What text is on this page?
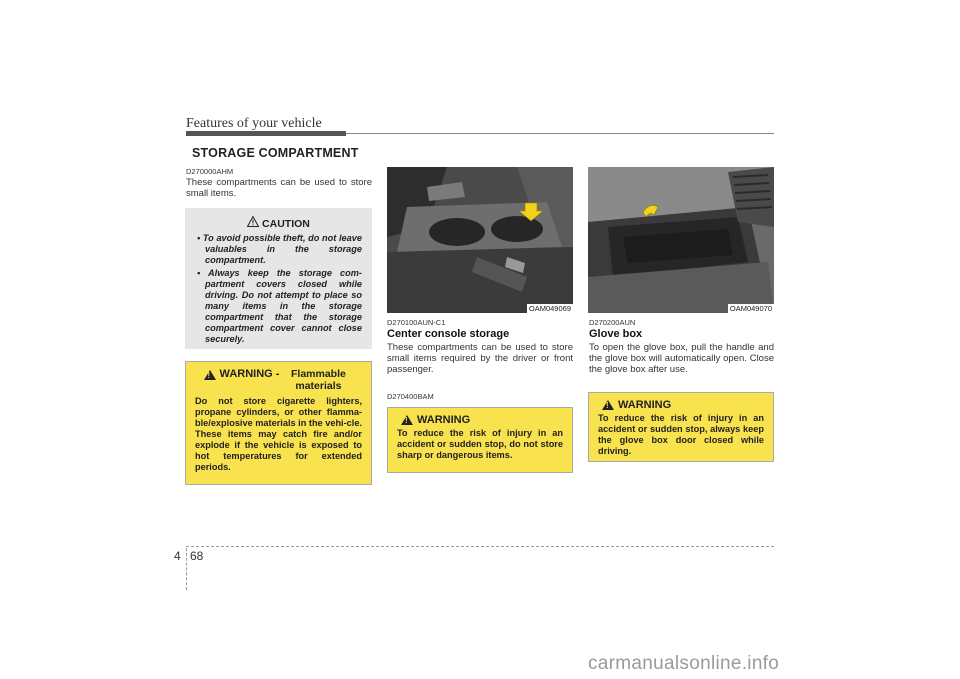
Features of your vehicle
STORAGE COMPARTMENT
D270000AHM
These compartments can be used to store small items.
CAUTION
• To avoid possible theft, do not leave valuables in the storage compartment.
• Always keep the storage com-partment covers closed while driving. Do not attempt to place so many items in the storage compartment that the storage compartment cover cannot close securely.
!
WARNING -	Flammable materials
Do not store cigarette lighters, propane cylinders, or other flamma-ble/explosive materials in the vehi-cle. These items may catch fire and/or explode if the vehicle is exposed to hot temperatures for extended periods.
OAM049069
D270100AUN-C1
Center console storage
These compartments can be used to store small items required by the driver or front passenger.
D270400BAM
!
WARNING
To reduce the risk of injury in an accident or sudden stop, do not store sharp or dangerous items.
OAM049070
D270200AUN
Glove box
To open the glove box, pull the handle and the glove box will automatically open. Close the glove box after use.
!
WARNING
To reduce the risk of injury in an accident or sudden stop, always keep the glove box door closed while driving.
4 68
carmanualsonline.info
